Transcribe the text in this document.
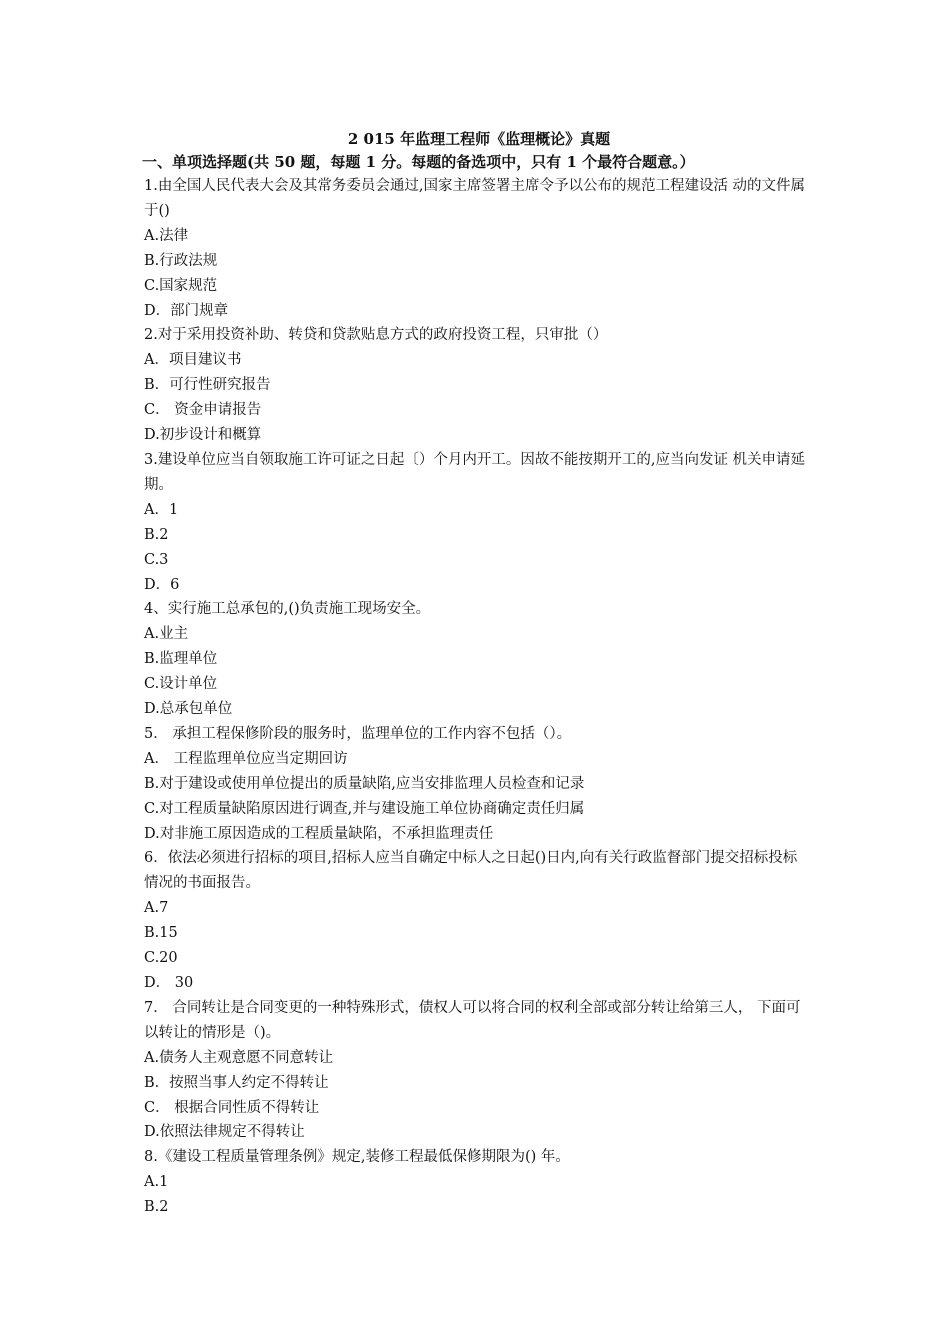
2 015 年监理工程师《监理概论》真题
一、单项选择题(共 50 题，每题 1 分。每题的备选项中，只有 1 个最符合题意。）
1.由全国人民代表大会及其常务委员会通过,国家主席签署主席令予以公布的规范工程建设活 动的文件属于()
A.法律
B.行政法规
C.国家规范
D．部门规章
2.对于采用投资补助、转贷和贷款贴息方式的政府投资工程，只审批（）
A．项目建议书
B．可行性研究报告
C． 资金申请报告
D.初步设计和概算
3.建设单位应当自领取施工许可证之日起〔）个月内开工。因故不能按期开工的,应当向发证 机关申请延期。
A．1
B.2
C.3
D．6
4、实行施工总承包的,()负责施工现场安全。
A.业主
B.监理单位
C.设计单位
D.总承包单位
5． 承担工程保修阶段的服务时，监理单位的工作内容不包括（）。
A． 工程监理单位应当定期回访
B.对于建设或使用单位提出的质量缺陷,应当安排监理人员检查和记录
C.对工程质量缺陷原因进行调查,并与建设施工单位协商确定责任归属
D.对非施工原因造成的工程质量缺陷，不承担监理责任
6．依法必须进行招标的项目,招标人应当自确定中标人之日起()日内,向有关行政监督部门提交招标投标情况的书面报告。
A.7
B.15
C.20
D． 30
7． 合同转让是合同变更的一种特殊形式，债权人可以将合同的权利全部或部分转让给第三人， 下面可以转让的情形是（)。
A.债务人主观意愿不同意转让
B．按照当事人约定不得转让
C． 根据合同性质不得转让
D.依照法律规定不得转让
8.《建设工程质量管理条例》规定,装修工程最低保修期限为() 年。
A.1
B.2
